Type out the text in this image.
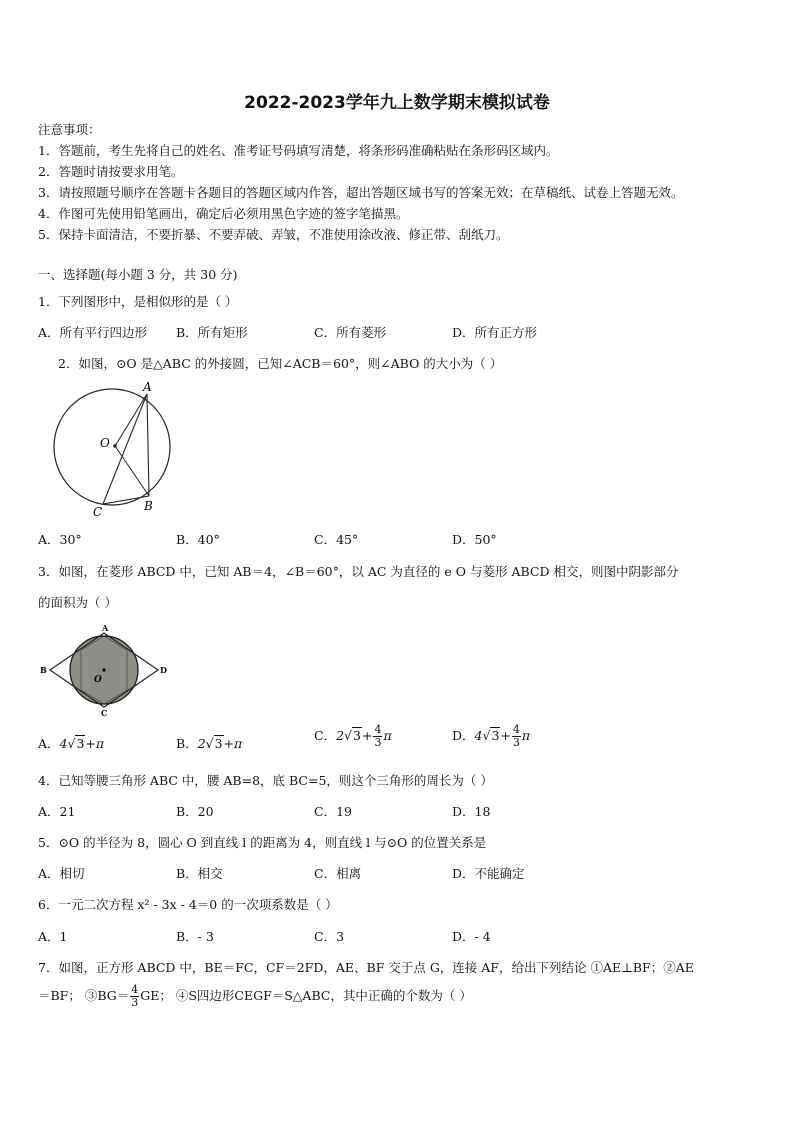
2022-2023学年九上数学期末模拟试卷
注意事项：
1．答题前，考生先将自己的姓名、准考证号码填写清楚，将条形码准确粘贴在条形码区域内。
2．答题时请按要求用笔。
3．请按照题号顺序在答题卡各题目的答题区域内作答，超出答题区域书写的答案无效；在草稿纸、试卷上答题无效。
4．作图可先使用铅笔画出，确定后必须用黑色字迹的签字笔描黑。
5．保持卡面清洁，不要折暴、不要弄破、弄皱，不准使用涂改液、修正带、刮纸刀。
一、选择题(每小题 3 分，共 30 分)
1．下列图形中，是相似形的是（ ）
A．所有平行四边形 B．所有矩形	C．所有菱形	D．所有正方形
2．如图，⊙O 是△ABC 的外接圆，已知∠ACB＝60°，则∠ABO 的大小为（ ）
A
O
B
C
A．30°	B．40°	C．45°	D．50°
3．如图，在菱形 ABCD 中，已知 AB＝4，∠B＝60°，以 AC 为直径的 e O 与菱形 ABCD 相交，则图中阴影部分
的面积为（ ）
A
B	D
C
O
A．4√3+π	B．2√3+π
C．$2√3+ \frac{4}{3}$ π	D．$4√3+ \frac{4}{3}$ π
4．已知等腰三角形 ABC 中，腰 AB=8，底 BC=5，则这个三角形的周长为（ ）
A．21	B．20	C．19	D．18
5．⊙O 的半径为 8，圆心 O 到直线 l 的距离为 4，则直线 l 与⊙O 的位置关系是
A．相切	B．相交	C．相离	D．不能确定
6．一元二次方程 x² - 3x - 4＝0 的一次项系数是（ ）
A．1	B．- 3	C．3	D．- 4
7．如图，正方形 ABCD 中，BE＝FC，CF＝2FD，AE、BF 交于点 G，连接 AF，给出下列结论 ①AE⊥BF；②AE
＝BF； ③BG＝ $\frac{4}{3}$ GE； ④S四边形CEGF＝S△ABC，其中正确的个数为（ ）
